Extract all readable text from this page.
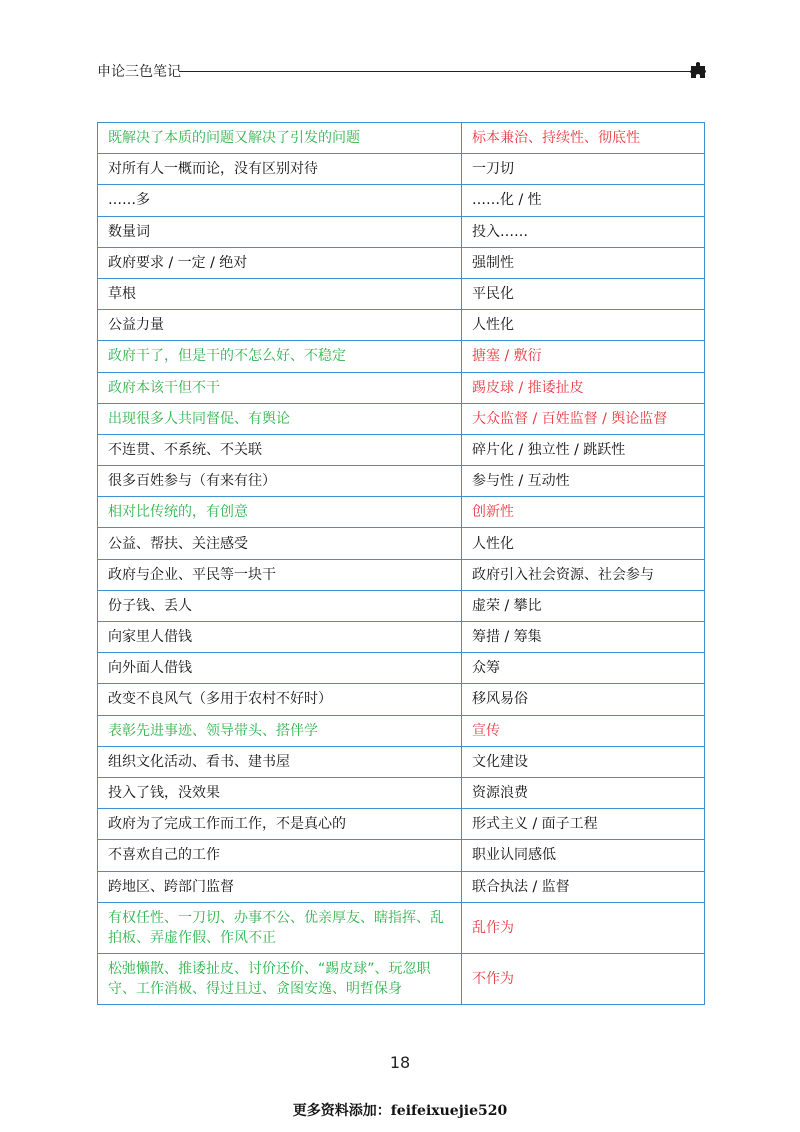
申论三色笔记
既解决了本质的问题又解决了引发的问题	标本兼治、持续性、彻底性
对所有人一概而论，没有区别对待	一刀切
……多	……化 / 性
数量词	投入……
政府要求 / 一定 / 绝对	强制性
草根	平民化
公益力量	人性化
政府干了，但是干的不怎么好、不稳定	搪塞 / 敷衍
政府本该干但不干	踢皮球 / 推诿扯皮
出现很多人共同督促、有舆论	大众监督 / 百姓监督 / 舆论监督
不连贯、不系统、不关联	碎片化 / 独立性 / 跳跃性
很多百姓参与（有来有往）	参与性 / 互动性
相对比传统的，有创意	创新性
公益、帮扶、关注感受	人性化
政府与企业、平民等一块干	政府引入社会资源、社会参与
份子钱、丢人	虚荣 / 攀比
向家里人借钱	筹措 / 筹集
向外面人借钱	众筹
改变不良风气（多用于农村不好时）	移风易俗
表彰先进事迹、领导带头、搭伴学	宣传
组织文化活动、看书、建书屋	文化建设
投入了钱，没效果	资源浪费
政府为了完成工作而工作，不是真心的	形式主义 / 面子工程
不喜欢自己的工作	职业认同感低
跨地区、跨部门监督	联合执法 / 监督
有权任性、一刀切、办事不公、优亲厚友、瞎指挥、乱拍板、弄虚作假、作风不正	乱作为
松弛懒散、推诿扯皮、讨价还价、“踢皮球”、玩忽职守、工作消极、得过且过、贪图安逸、明哲保身	不作为
18
更多资料添加：feifeixuejie520
